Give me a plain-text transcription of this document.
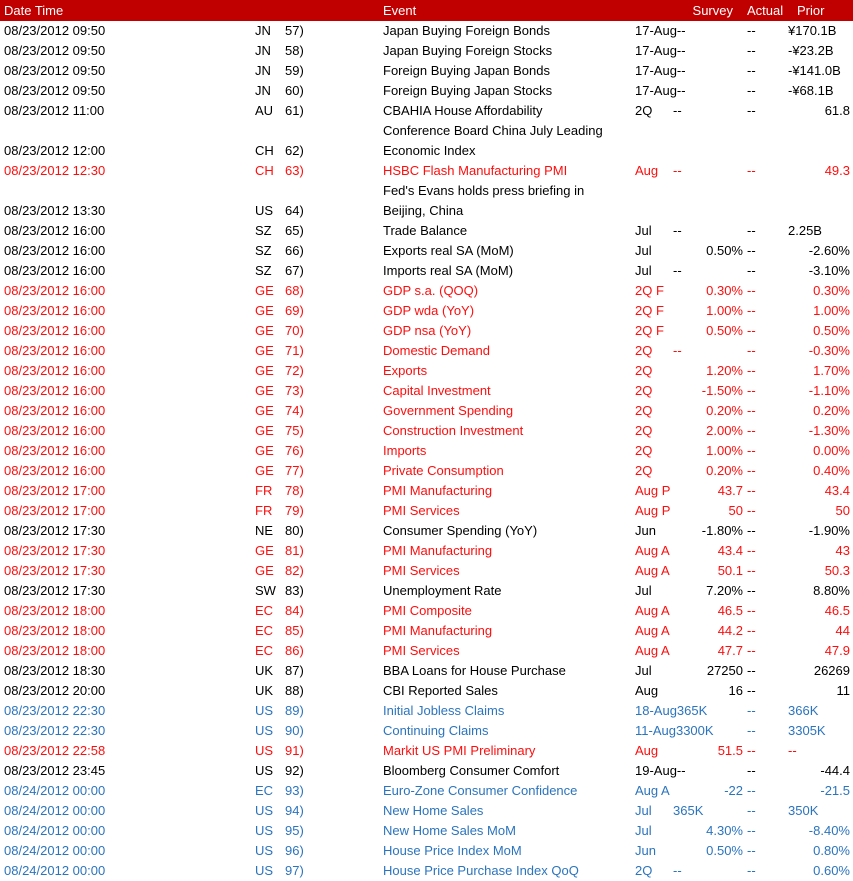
Date Time	Event	Survey	Actual	Prior
08/23/2012 09:50	JN	57)	Japan Buying Foreign Bonds	17-Aug --	--	¥170.1B
08/23/2012 09:50	JN	58)	Japan Buying Foreign Stocks	17-Aug --	--	-¥23.2B
08/23/2012 09:50	JN	59)	Foreign Buying Japan Bonds	17-Aug --	--	-¥141.0B
08/23/2012 09:50	JN	60)	Foreign Buying Japan Stocks	17-Aug --	--	-¥68.1B
08/23/2012 11:00	AU 61)	CBAHIA House Affordability	2Q	--	--	61.8
Conference Board China July Leading
08/23/2012 12:00	CH 62)	Economic Index
08/23/2012 12:30	CH 63)	HSBC Flash Manufacturing PMI	Aug	--	--	49.3
Fed's Evans holds press briefing in
08/23/2012 13:30	US 64)	Beijing, China
08/23/2012 16:00	SZ	65)	Trade Balance	Jul	--	--	2.25B
08/23/2012 16:00	SZ	66)	Exports real SA (MoM)	Jul	0.50% --	-2.60%
08/23/2012 16:00	SZ	67)	Imports real SA (MoM)	Jul	--	--	-3.10%
08/23/2012 16:00	GE 68)	GDP s.a. (QOQ)	2Q F	0.30% --	0.30%
08/23/2012 16:00	GE 69)	GDP wda (YoY)	2Q F	1.00% --	1.00%
08/23/2012 16:00	GE 70)	GDP nsa (YoY)	2Q F	0.50% --	0.50%
08/23/2012 16:00	GE 71)	Domestic Demand	2Q	--	--	-0.30%
08/23/2012 16:00	GE 72)	Exports	2Q	1.20% --	1.70%
08/23/2012 16:00	GE 73)	Capital Investment	2Q	-1.50% --	-1.10%
08/23/2012 16:00	GE 74)	Government Spending	2Q	0.20% --	0.20%
08/23/2012 16:00	GE 75)	Construction Investment	2Q	2.00% --	-1.30%
08/23/2012 16:00	GE 76)	Imports	2Q	1.00% --	0.00%
08/23/2012 16:00	GE 77)	Private Consumption	2Q	0.20% --	0.40%
08/23/2012 17:00	FR 78)	PMI Manufacturing	Aug P	43.7 --	43.4
08/23/2012 17:00	FR 79)	PMI Services	Aug P	50 --	50
08/23/2012 17:30	NE 80)	Consumer Spending (YoY)	Jun	-1.80% --	-1.90%
08/23/2012 17:30	GE 81)	PMI Manufacturing	Aug A	43.4 --	43
08/23/2012 17:30	GE 82)	PMI Services	Aug A	50.1 --	50.3
08/23/2012 17:30	SW 83)	Unemployment Rate	Jul	7.20% --	8.80%
08/23/2012 18:00	EC 84)	PMI Composite	Aug A	46.5 --	46.5
08/23/2012 18:00	EC 85)	PMI Manufacturing	Aug A	44.2 --	44
08/23/2012 18:00	EC 86)	PMI Services	Aug A	47.7 --	47.9
08/23/2012 18:30	UK 87)	BBA Loans for House Purchase	Jul	27250 --	26269
08/23/2012 20:00	UK 88)	CBI Reported Sales	Aug	16 --	11
08/23/2012 22:30	US 89)	Initial Jobless Claims	18-Aug 365K	--	366K
08/23/2012 22:30	US 90)	Continuing Claims	11-Aug 3300K	--	3305K
08/23/2012 22:58	US 91)	Markit US PMI Preliminary	Aug	51.5 --	--
08/23/2012 23:45	US 92)	Bloomberg Consumer Comfort	19-Aug --	--	-44.4
08/24/2012 00:00	EC 93)	Euro-Zone Consumer Confidence	Aug A	-22 --	-21.5
08/24/2012 00:00	US 94)	New Home Sales	Jul	365K	--	350K
08/24/2012 00:00	US 95)	New Home Sales MoM	Jul	4.30% --	-8.40%
08/24/2012 00:00	US 96)	House Price Index MoM	Jun	0.50% --	0.80%
08/24/2012 00:00	US 97)	House Price Purchase Index QoQ	2Q	--	--	0.60%
